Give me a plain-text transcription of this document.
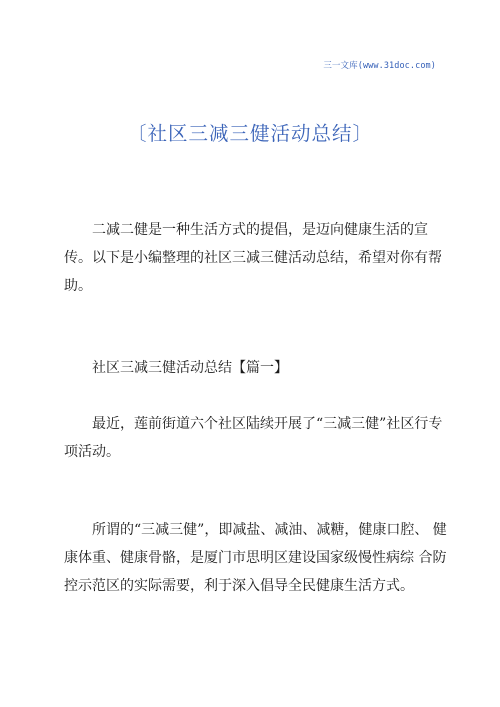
三一文库(www.31doc.com)
〔社区三减三健活动总结〕

二减二健是一种生活方式的提倡，是迈向健康生活的宣传。以下是小编整理的社区三减三健活动总结，希望对你有帮助。

社区三减三健活动总结【篇一】

最近，莲前街道六个社区陆续开展了“三减三健”社区行专项活动。

所谓的“三减三健”，即减盐、减油、减糖，健康口腔、 健康体重、健康骨骼，是厦门市思明区建设国家级慢性病综 合防控示范区的实际需要，利于深入倡导全民健康生活方式。
